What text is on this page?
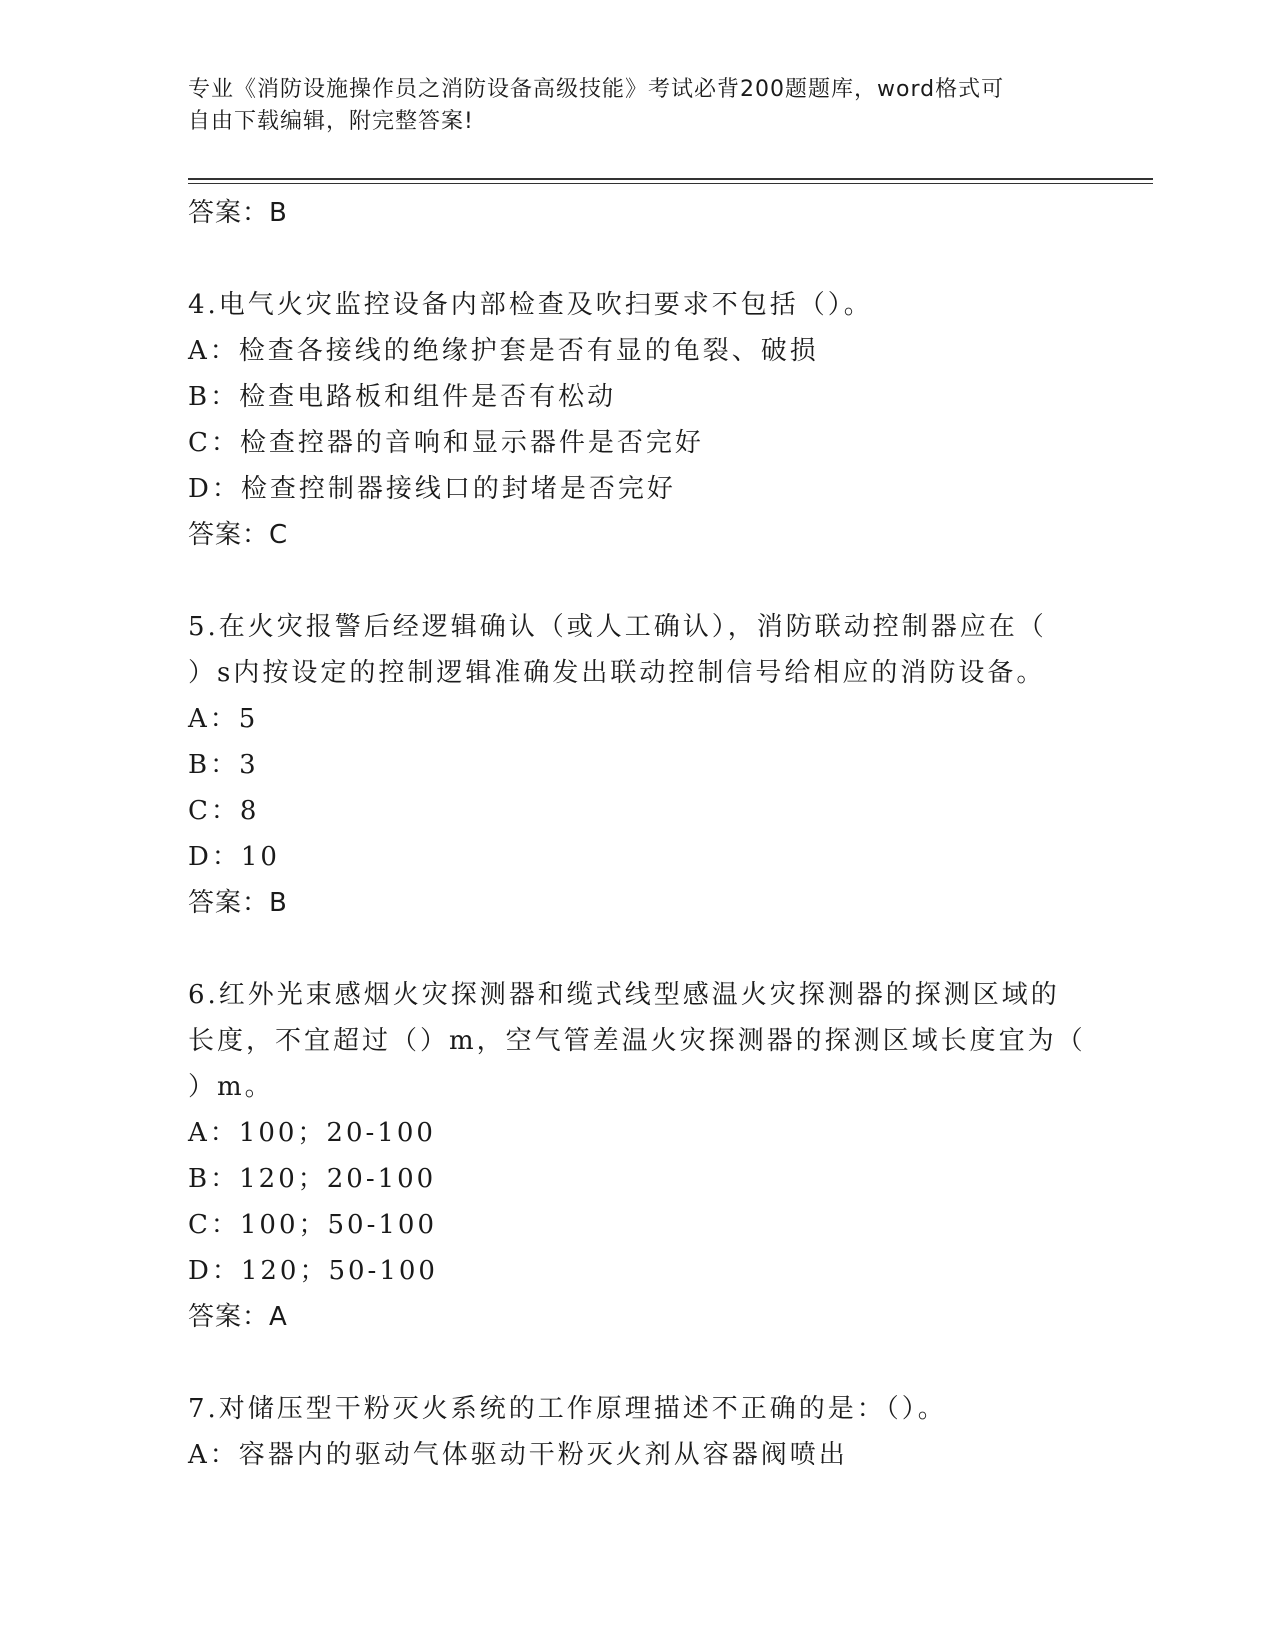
专业《消防设施操作员之消防设备高级技能》考试必背200题题库，word格式可
自由下载编辑，附完整答案!
答案：B
4.电气火灾监控设备内部检查及吹扫要求不包括（）。
A：检查各接线的绝缘护套是否有显的龟裂、破损
B：检查电路板和组件是否有松动
C：检查控器的音响和显示器件是否完好
D：检查控制器接线口的封堵是否完好
答案：C
5.在火灾报警后经逻辑确认（或人工确认），消防联动控制器应在（
）s内按设定的控制逻辑准确发出联动控制信号给相应的消防设备。
A：5
B：3
C：8
D：10
答案：B
6.红外光束感烟火灾探测器和缆式线型感温火灾探测器的探测区域的
长度，不宜超过（）m，空气管差温火灾探测器的探测区域长度宜为（
）m。
A：100；20-100
B：120；20-100
C：100；50-100
D：120；50-100
答案：A
7.对储压型干粉灭火系统的工作原理描述不正确的是：（）。
A：容器内的驱动气体驱动干粉灭火剂从容器阀喷出
